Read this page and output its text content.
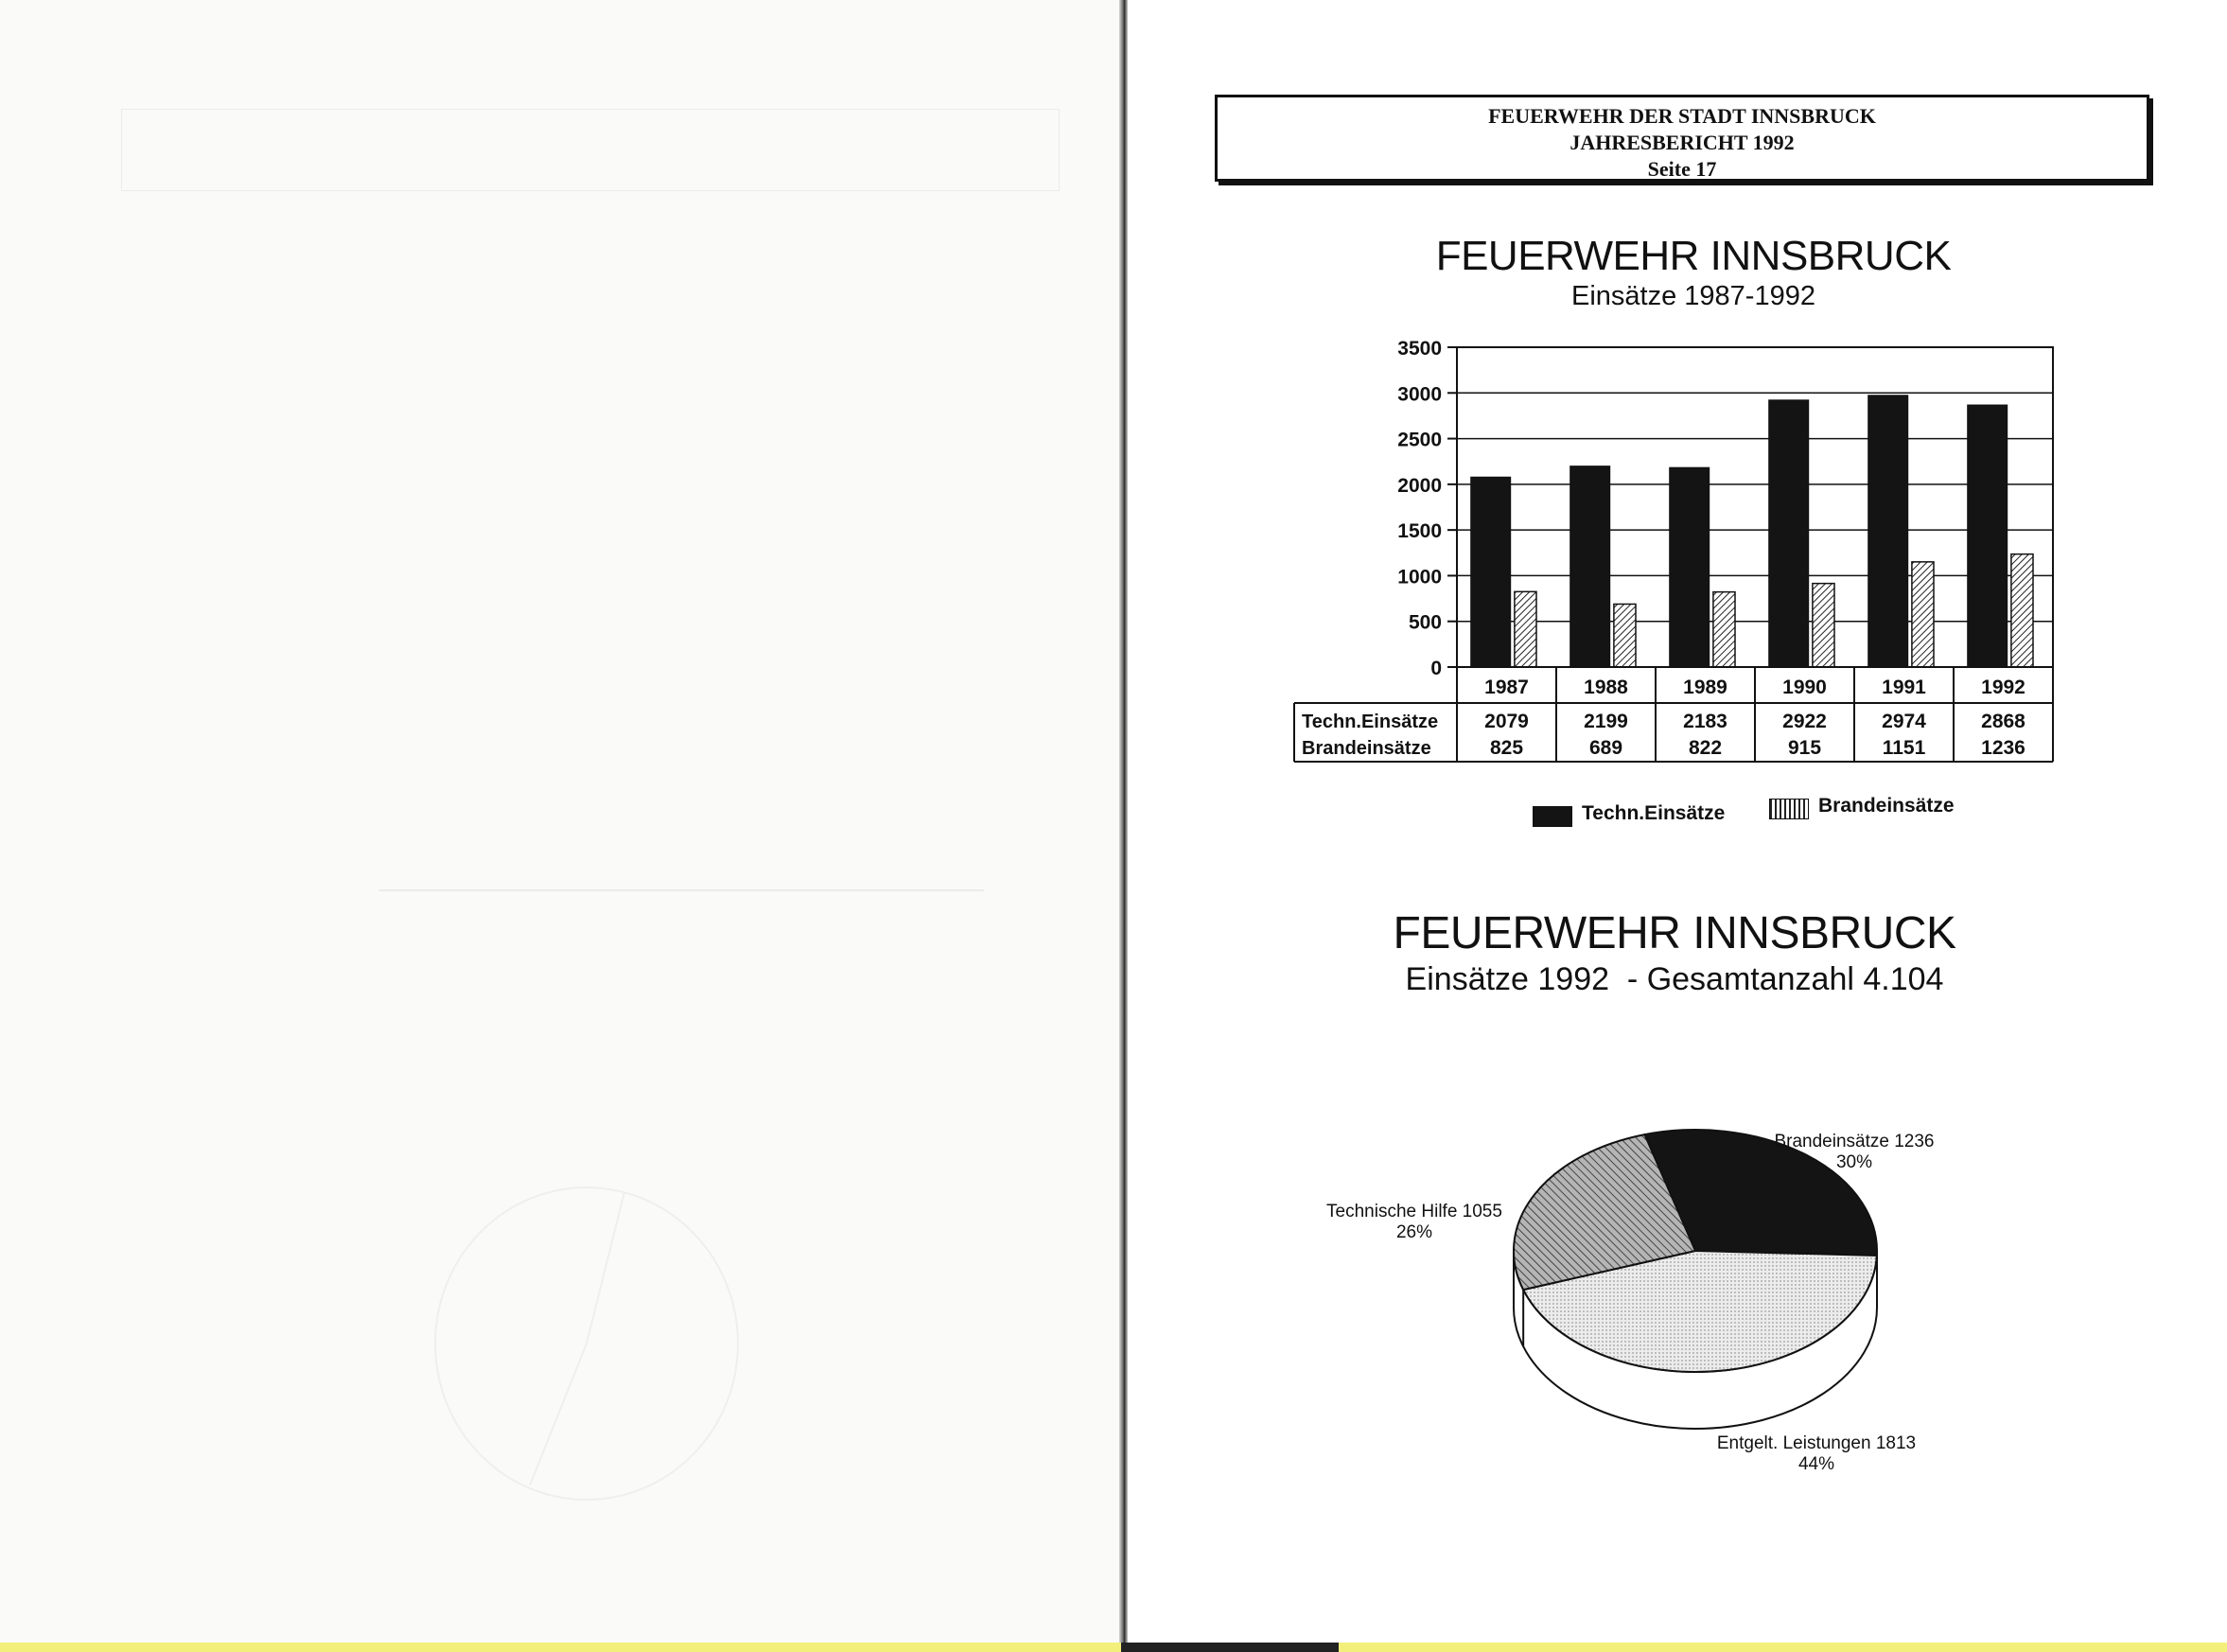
FEUERWEHR DER STADT INNSBRUCK
JAHRESBERICHT 1992
Seite 17
FEUERWEHR INNSBRUCK
Einsätze 1987-1992
0
500
1000
1500
2000
2500
3000
3500
1987
2079
825
1988
2199
689
1989
2183
822
1990
2922
915
1991
2974
1151
1992
2868
1236
Techn.Einsätze
Brandeinsätze
Techn.Einsätze	Brandeinsätze
FEUERWEHR INNSBRUCK
Einsätze 1992  - Gesamtanzahl 4.104
Brandeinsätze 1236
30%
Entgelt. Leistungen 1813
44%
Technische Hilfe 1055
26%
